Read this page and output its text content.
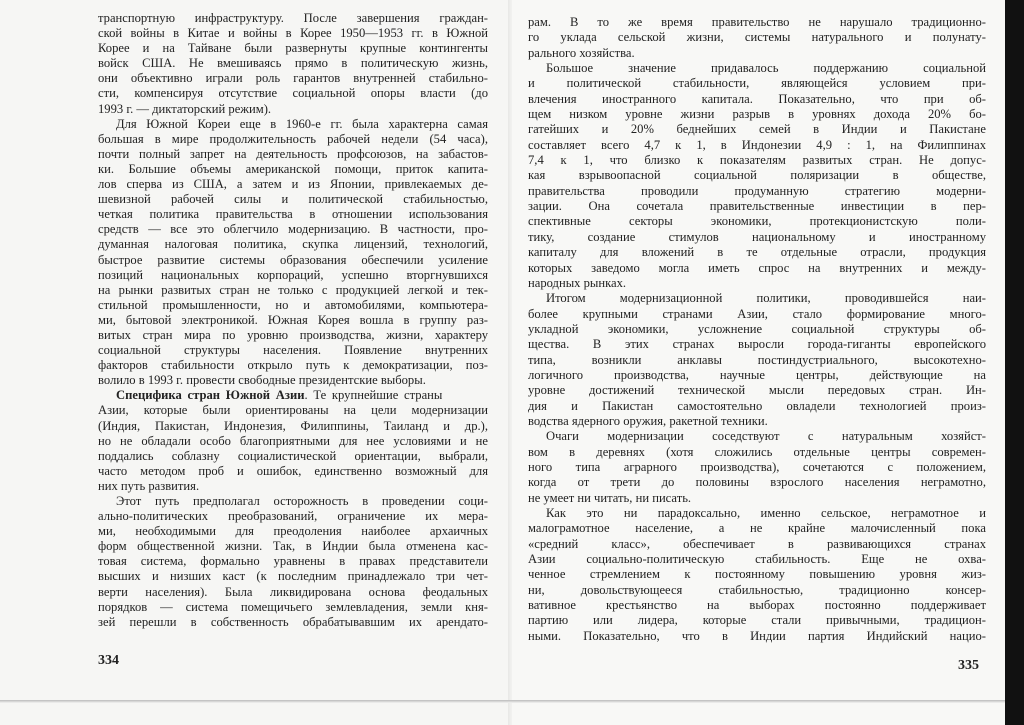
транспортную инфраструктуру. После завершения граждан-
ской войны в Китае и войны в Корее 1950—1953 гг. в Южной
Корее и на Тайване были развернуты крупные контингенты
войск США. Не вмешиваясь прямо в политическую жизнь,
они объективно играли роль гарантов внутренней стабильно-
сти, компенсируя отсутствие социальной опоры власти (до
1993 г. — диктаторский режим).
Для Южной Кореи еще в 1960-е гг. была характерна самая
большая в мире продолжительность рабочей недели (54 часа),
почти полный запрет на деятельность профсоюзов, на забастов-
ки. Большие объемы американской помощи, приток капита-
лов сперва из США, а затем и из Японии, привлекаемых де-
шевизной рабочей силы и политической стабильностью,
четкая политика правительства в отношении использования
средств — все это облегчило модернизацию. В частности, про-
думанная налоговая политика, скупка лицензий, технологий,
быстрое развитие системы образования обеспечили усиление
позиций национальных корпораций, успешно вторгнувшихся
на рынки развитых стран не только с продукцией легкой и тек-
стильной промышленности, но и автомобилями, компьютера-
ми, бытовой электроникой. Южная Корея вошла в группу раз-
витых стран мира по уровню производства, жизни, характеру
социальной структуры населения. Появление внутренних
факторов стабильности открыло путь к демократизации, поз-
волило в 1993 г. провести свободные президентские выборы.
Специфика стран Южной Азии. Те крупнейшие страны
Азии, которые были ориентированы на цели модернизации
(Индия, Пакистан, Индонезия, Филиппины, Таиланд и др.),
но не обладали особо благоприятными для нее условиями и не
поддались соблазну социалистической ориентации, выбрали,
часто методом проб и ошибок, единственно возможный для
них путь развития.
Этот путь предполагал осторожность в проведении соци-
ально-политических преобразований, ограничение их мера-
ми, необходимыми для преодоления наиболее архаичных
форм общественной жизни. Так, в Индии была отменена кас-
товая система, формально уравнены в правах представители
высших и низших каст (к последним принадлежало три чет-
верти населения). Была ликвидирована основа феодальных
порядков — система помещичьего землевладения, земли кня-
зей перешли в собственность обрабатывавшим их арендато-
334
рам. В то же время правительство не нарушало традиционно-
го уклада сельской жизни, системы натурального и полунату-
рального хозяйства.
Большое значение придавалось поддержанию социальной
и политической стабильности, являющейся условием при-
влечения иностранного капитала. Показательно, что при об-
щем низком уровне жизни разрыв в уровнях дохода 20% бо-
гатейших и 20% беднейших семей в Индии и Пакистане
составляет всего 4,7 к 1, в Индонезии 4,9 : 1, на Филиппинах
7,4 к 1, что близко к показателям развитых стран. Не допус-
кая взрывоопасной социальной поляризации в обществе,
правительства проводили продуманную стратегию модерни-
зации. Она сочетала правительственные инвестиции в пер-
спективные секторы экономики, протекционистскую поли-
тику, создание стимулов национальному и иностранному
капиталу для вложений в те отдельные отрасли, продукция
которых заведомо могла иметь спрос на внутренних и между-
народных рынках.
Итогом модернизационной политики, проводившейся наи-
более крупными странами Азии, стало формирование много-
укладной экономики, усложнение социальной структуры об-
щества. В этих странах выросли города-гиганты европейского
типа, возникли анклавы постиндустриального, высокотехно-
логичного производства, научные центры, действующие на
уровне достижений технической мысли передовых стран. Ин-
дия и Пакистан самостоятельно овладели технологией произ-
водства ядерного оружия, ракетной техники.
Очаги модернизации соседствуют с натуральным хозяйст-
вом в деревнях (хотя сложились отдельные центры современ-
ного типа аграрного производства), сочетаются с положением,
когда от трети до половины взрослого населения неграмотно,
не умеет ни читать, ни писать.
Как это ни парадоксально, именно сельское, неграмотное и
малограмотное население, а не крайне малочисленный пока
«средний класс», обеспечивает в развивающихся странах
Азии социально-политическую стабильность. Еще не охва-
ченное стремлением к постоянному повышению уровня жиз-
ни, довольствующееся стабильностью, традиционно консер-
вативное крестьянство на выборах постоянно поддерживает
партию или лидера, которые стали привычными, традицион-
ными. Показательно, что в Индии партия Индийский нацио-
335
